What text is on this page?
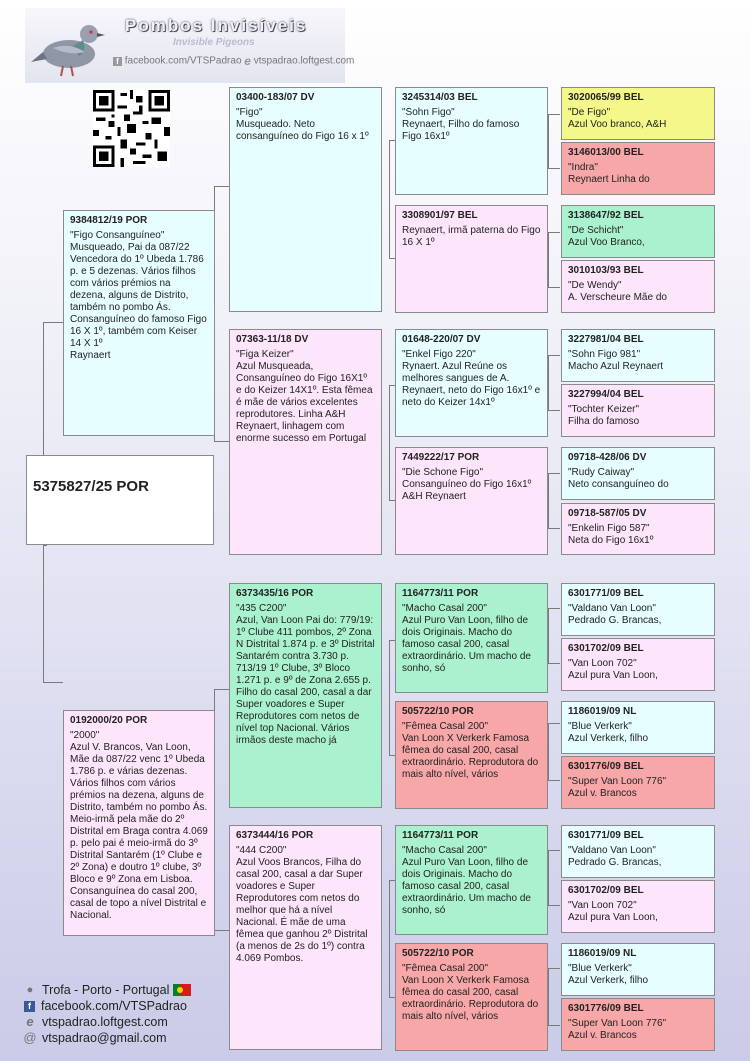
Pombos Invisíveis
Invisible Pigeons
f facebook.com/VTSPadrao e vtspadrao.loftgest.com
5375827/25 POR
9384812/19 POR
"Figo Consanguíneo"
Musqueado, Pai da 087/22 Vencedora do 1º Ubeda 1.786 p. e 5 dezenas. Vários filhos com vários prémios na dezena, alguns de Distrito, também no pombo Ás. Consanguíneo do famoso Figo 16 X 1º, também com Keiser 14 X 1º
Raynaert
0192000/20 POR
"2000"
Azul V. Brancos, Van Loon, Mãe da 087/22 venc 1º Ubeda 1.786 p. e várias dezenas. Vários filhos com vários prémios na dezena, alguns de Distrito, também no pombo Ás. Meio-irmã pela mãe do 2º Distrital em Braga contra 4.069 p. pelo pai é meio-irmã do 3º Distrital Santarém (1º Clube e 2º Zona) e doutro 1º clube, 3º Bloco e 9º Zona em Lisboa.
Consanguínea do casal 200, casal de topo a nível Distrital e Nacional.
03400-183/07 DV
"Figo"
Musqueado. Neto consanguíneo do Figo 16 x 1º
07363-11/18 DV
"Figa Keizer"
Azul Musqueada, Consanguíneo do Figo 16X1º e do Keizer 14X1º. Esta fêmea é mãe de vários excelentes reprodutores. Linha A&H Reynaert, linhagem com enorme sucesso em Portugal
6373435/16 POR
"435 C200"
Azul, Van Loon Pai do: 779/19: 1º Clube 411 pombos, 2º Zona N Distrital 1.874 p. e 3º Distrital Santarém contra 3.730 p. 713/19 1º Clube, 3º Bloco 1.271 p. e 9º de Zona 2.655 p. Filho do casal 200, casal a dar Super voadores e Super Reprodutores com netos de nível top Nacional. Vários irmãos deste macho já
6373444/16 POR
"444 C200"
Azul Voos Brancos, Filha do casal 200, casal a dar Super voadores e Super Reprodutores com netos do melhor que há a nível Nacional. É mãe de uma fêmea que ganhou 2º Distrital (a menos de 2s do 1º) contra 4.069 Pombos.
3245314/03 BEL
"Sohn Figo"
Reynaert, Filho do famoso Figo 16x1º
3308901/97 BEL
Reynaert, irmã paterna do Figo 16 X 1º
01648-220/07 DV
"Enkel Figo 220"
Rynaert. Azul Reúne os melhores sangues de A. Reynaert, neto do Figo 16x1º e neto do Keizer 14x1º
7449222/17 POR
"Die Schone Figo"
Consanguíneo do Figo 16x1º A&H Reynaert
1164773/11 POR
"Macho Casal 200"
Azul Puro Van Loon, filho de dois Originais. Macho do famoso casal 200, casal extraordinário. Um macho de sonho, só
505722/10 POR
"Fêmea Casal 200"
Van Loon X Verkerk Famosa fêmea do casal 200, casal extraordinário. Reprodutora do mais alto nível, vários
1164773/11 POR
"Macho Casal 200"
Azul Puro Van Loon, filho de dois Originais. Macho do famoso casal 200, casal extraordinário. Um macho de sonho, só
505722/10 POR
"Fêmea Casal 200"
Van Loon X Verkerk Famosa fêmea do casal 200, casal extraordinário. Reprodutora do mais alto nível, vários
3020065/99 BEL
"De Figo"
Azul Voo branco, A&H
3146013/00 BEL
"Indra"
Reynaert Linha do
3138647/92 BEL
"De Schicht"
Azul Voo Branco,
3010103/93 BEL
"De Wendy"
A. Verscheure Mãe do
3227981/04 BEL
"Sohn Figo 981"
Macho Azul Reynaert
3227994/04 BEL
"Tochter Keizer"
Filha do famoso
09718-428/06 DV
"Rudy Caiway"
Neto consanguíneo do
09718-587/05 DV
"Enkelin Figo 587"
Neta do Figo 16x1º
6301771/09 BEL
"Valdano Van Loon"
Pedrado G. Brancas,
6301702/09 BEL
"Van Loon 702"
Azul pura Van Loon,
1186019/09 NL
"Blue Verkerk"
Azul Verkerk, filho
6301776/09 BEL
"Super Van Loon 776"
Azul v. Brancos
6301771/09 BEL
"Valdano Van Loon"
Pedrado G. Brancas,
6301702/09 BEL
"Van Loon 702"
Azul pura Van Loon,
1186019/09 NL
"Blue Verkerk"
Azul Verkerk, filho
6301776/09 BEL
"Super Van Loon 776"
Azul v. Brancos
● Trofa - Porto - Portugal
f facebook.com/VTSPadrao
e vtspadrao.loftgest.com
@ vtspadrao@gmail.com
